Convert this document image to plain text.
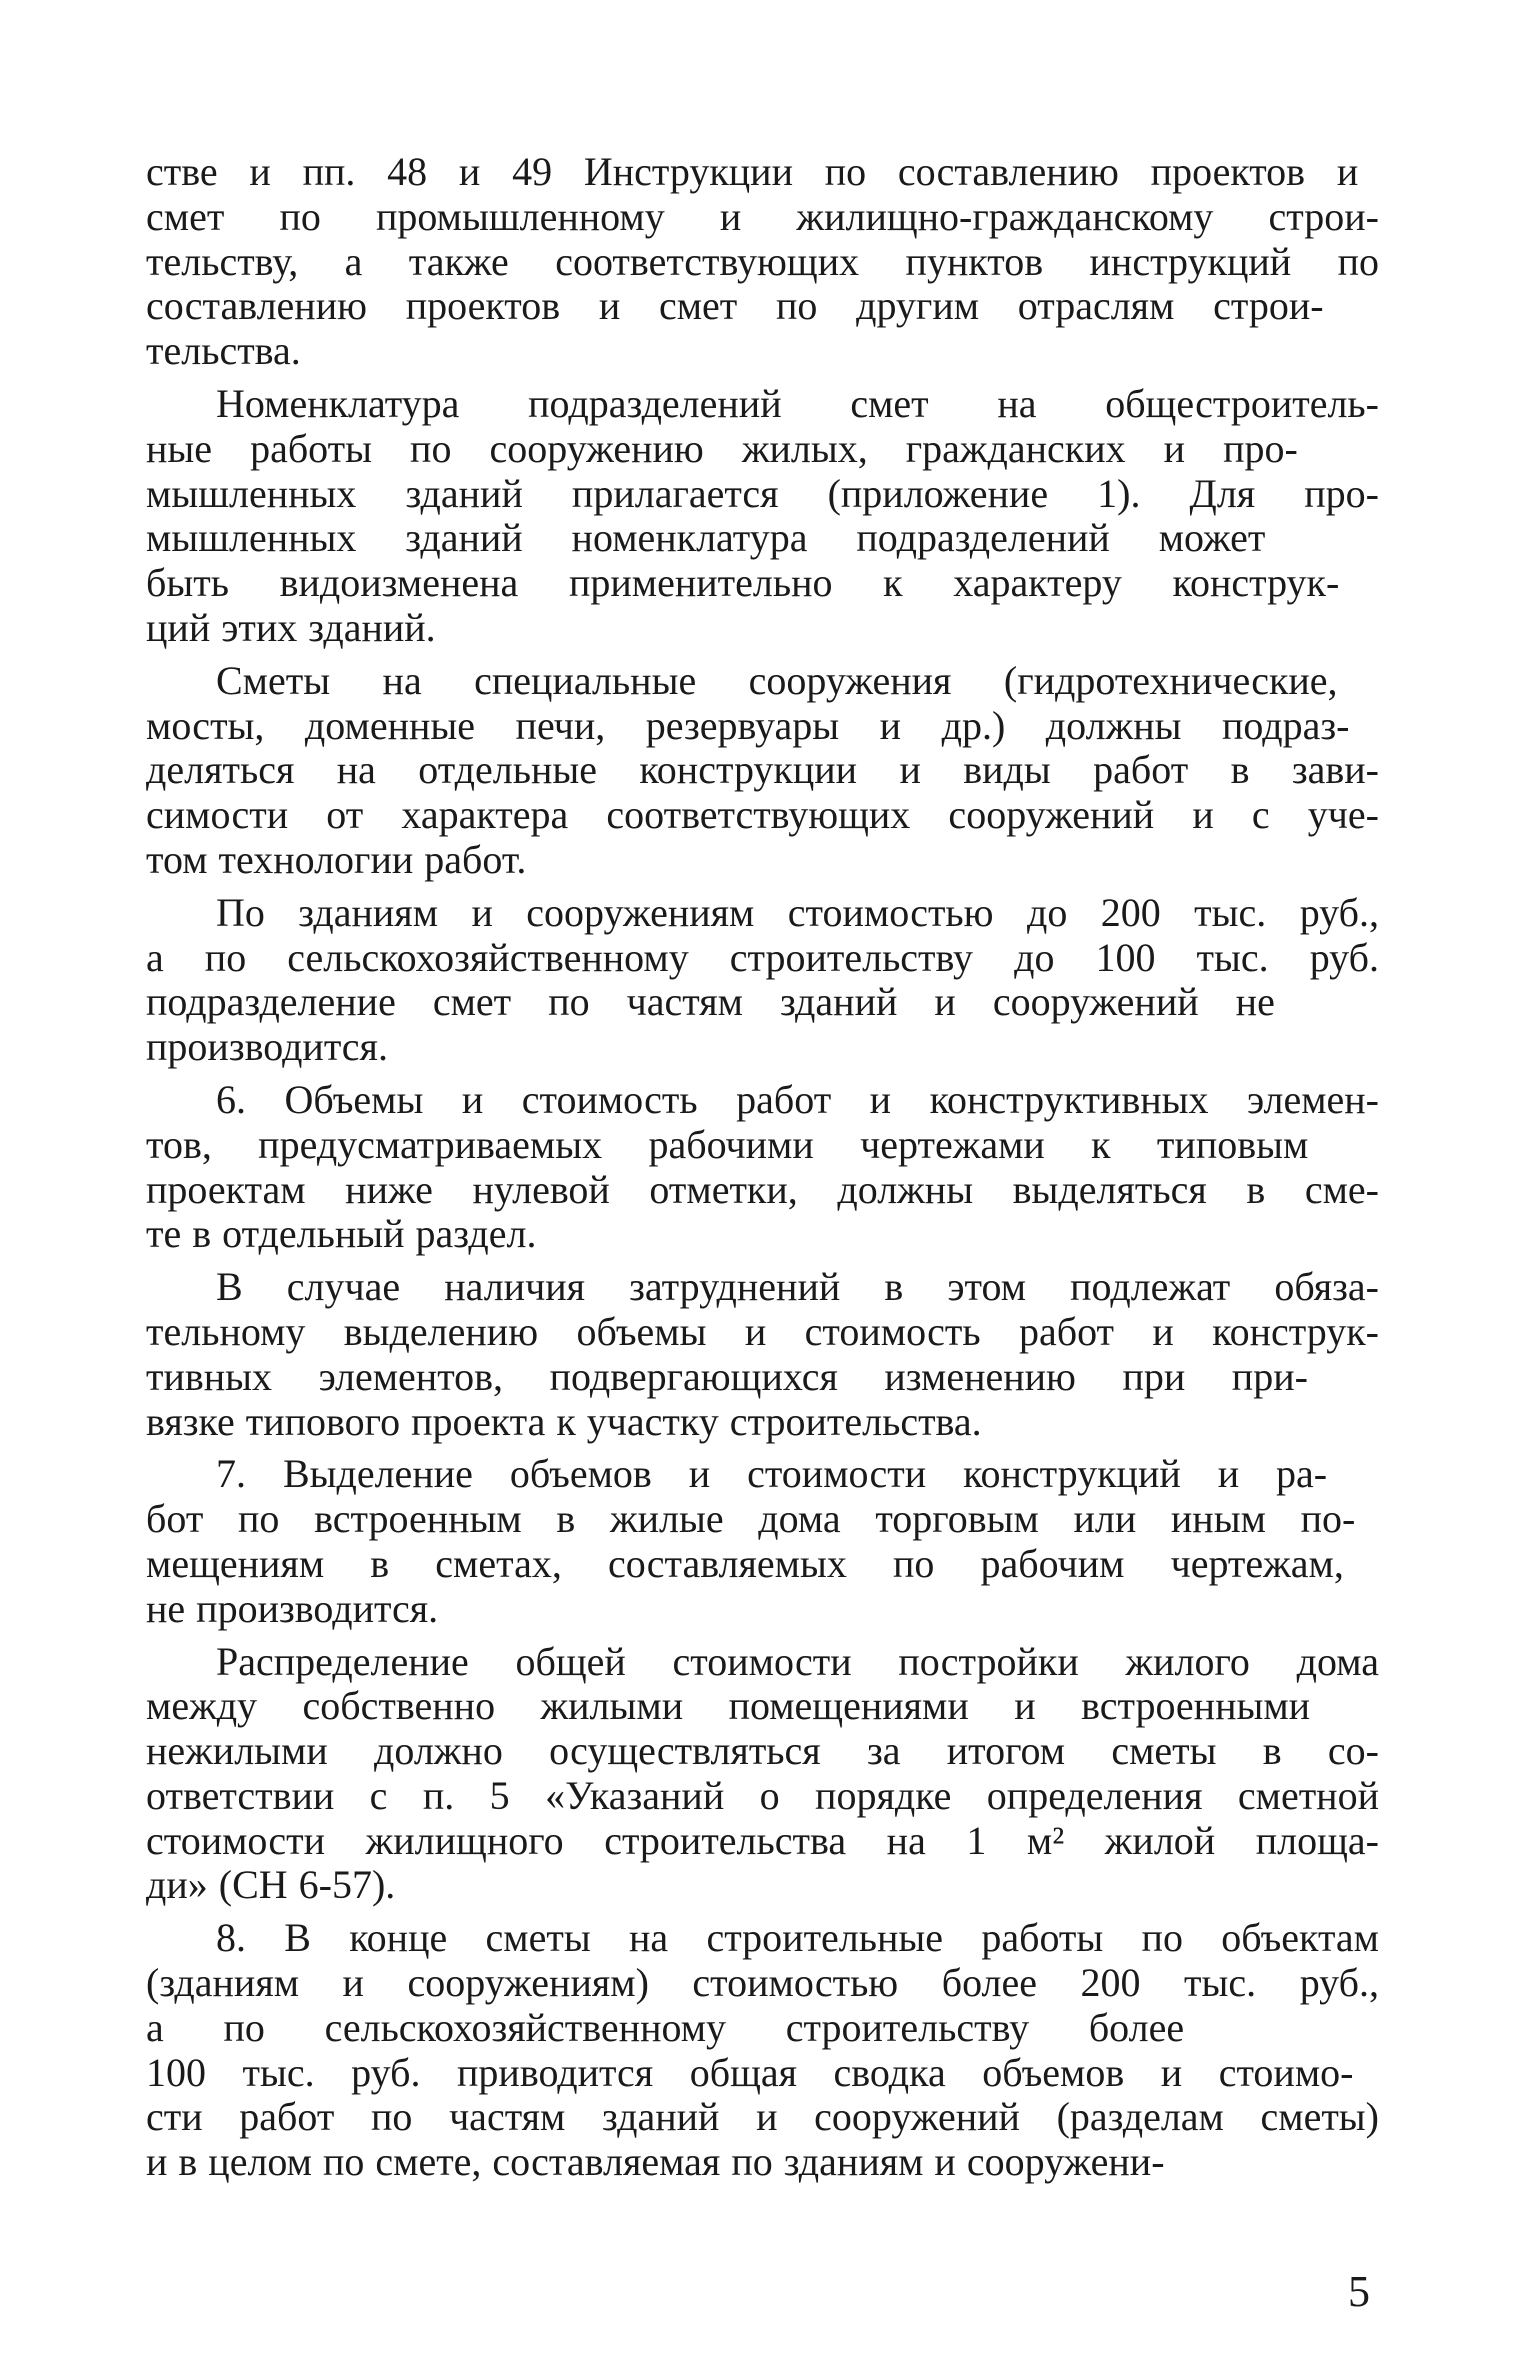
стве и пп. 48 и 49 Инструкции по составлению проектов и
смет по промышленному и жилищно-гражданскому строи-
тельству, а также соответствующих пунктов инструкций по
составлению проектов и смет по другим отраслям строи-
тельства.
Номенклатура подразделений смет на общестроитель-
ные работы по сооружению жилых, гражданских и про-
мышленных зданий прилагается (приложение 1). Для про-
мышленных зданий номенклатура подразделений может
быть видоизменена применительно к характеру конструк-
ций этих зданий.
Сметы на специальные сооружения (гидротехнические,
мосты, доменные печи, резервуары и др.) должны подраз-
деляться на отдельные конструкции и виды работ в зави-
симости от характера соответствующих сооружений и с уче-
том технологии работ.
По зданиям и сооружениям стоимостью до 200 тыс. руб.,
а по сельскохозяйственному строительству до 100 тыс. руб.
подразделение смет по частям зданий и сооружений не
производится.
6. Объемы и стоимость работ и конструктивных элемен-
тов, предусматриваемых рабочими чертежами к типовым
проектам ниже нулевой отметки, должны выделяться в сме-
те в отдельный раздел.
В случае наличия затруднений в этом подлежат обяза-
тельному выделению объемы и стоимость работ и конструк-
тивных элементов, подвергающихся изменению при при-
вязке типового проекта к участку строительства.
7. Выделение объемов и стоимости конструкций и ра-
бот по встроенным в жилые дома торговым или иным по-
мещениям в сметах, составляемых по рабочим чертежам,
не производится.
Распределение общей стоимости постройки жилого дома
между собственно жилыми помещениями и встроенными
нежилыми должно осуществляться за итогом сметы в со-
ответствии с п. 5 «Указаний о порядке определения сметной
стоимости жилищного строительства на 1 м² жилой площа-
ди» (СН 6-57).
8. В конце сметы на строительные работы по объектам
(зданиям и сооружениям) стоимостью более 200 тыс. руб.,
а по сельскохозяйственному строительству более
100 тыс. руб. приводится общая сводка объемов и стоимо-
сти работ по частям зданий и сооружений (разделам сметы)
и в целом по смете, составляемая по зданиям и сооружени-
5
